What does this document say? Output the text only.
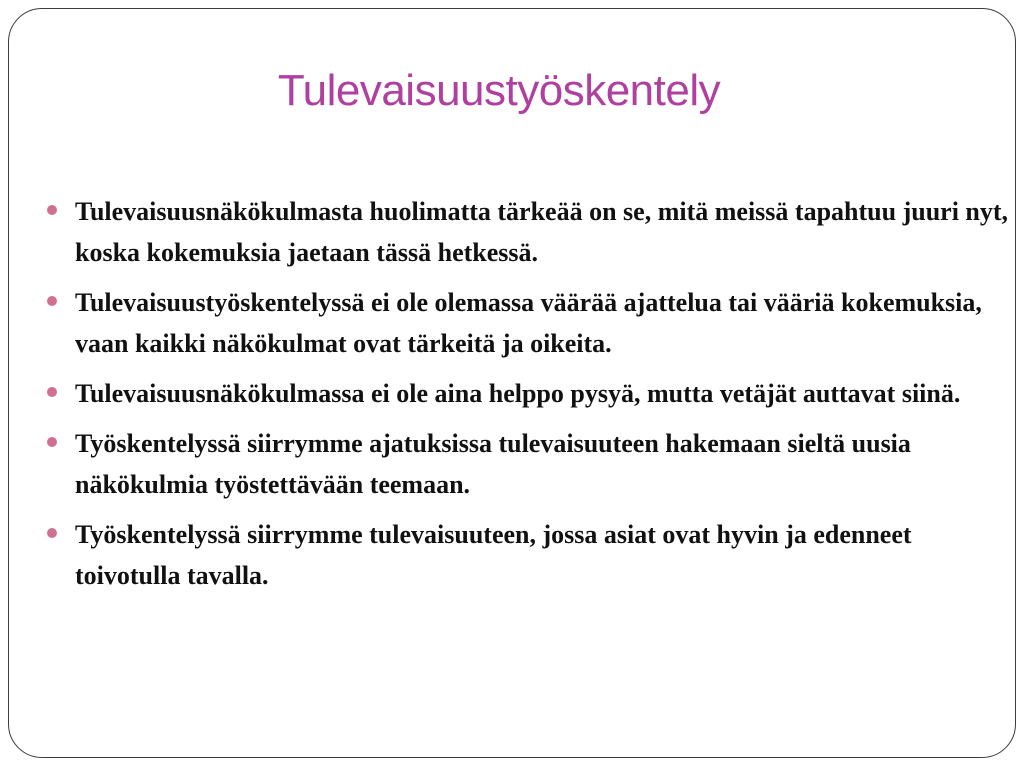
Tulevaisuustyöskentely
Tulevaisuusnäkökulmasta huolimatta tärkeää on se, mitä meissä tapahtuu juuri nyt, koska kokemuksia jaetaan tässä hetkessä.
Tulevaisuustyöskentelyssä ei ole olemassa väärää ajattelua tai vääriä kokemuksia, vaan kaikki näkökulmat ovat tärkeitä ja oikeita.
Tulevaisuusnäkökulmassa ei ole aina helppo pysyä, mutta vetäjät auttavat siinä.
Työskentelyssä siirrymme ajatuksissa tulevaisuuteen hakemaan sieltä uusia näkökulmia työstettävään teemaan.
Työskentelyssä siirrymme tulevaisuuteen, jossa asiat ovat hyvin ja edenneet toivotulla tavalla.
